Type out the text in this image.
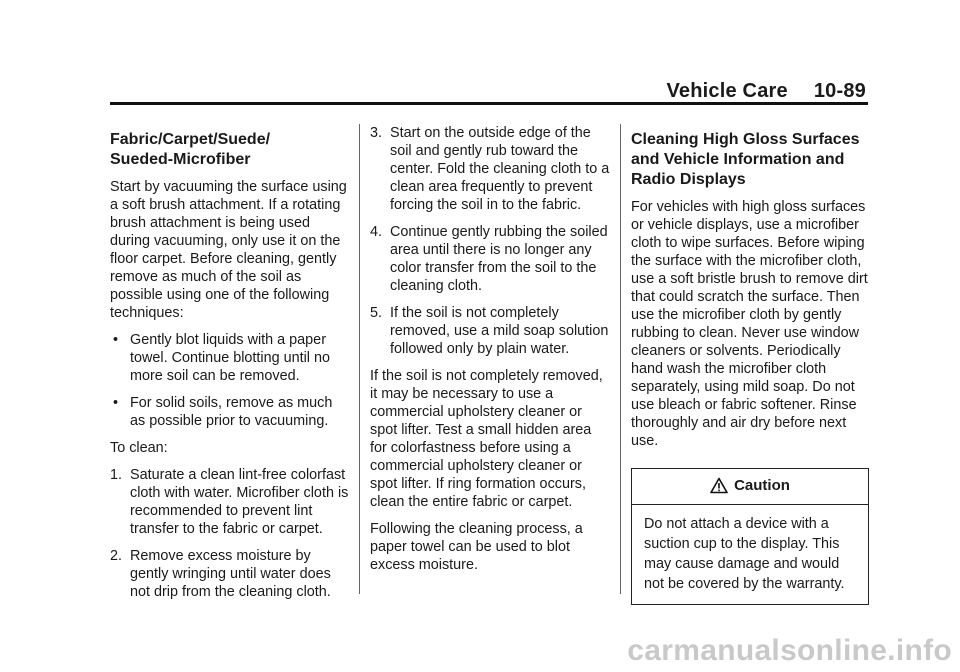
Vehicle Care 10-89
Fabric/Carpet/Suede/
Sueded-Microfiber

Start by vacuuming the surface using a soft brush attachment. If a rotating brush attachment is being used during vacuuming, only use it on the floor carpet. Before cleaning, gently remove as much of the soil as possible using one of the following techniques:

• Gently blot liquids with a paper towel. Continue blotting until no more soil can be removed.
• For solid soils, remove as much as possible prior to vacuuming.

To clean:

1. Saturate a clean lint-free colorfast cloth with water. Microfiber cloth is recommended to prevent lint transfer to the fabric or carpet.
2. Remove excess moisture by gently wringing until water does not drip from the cleaning cloth.
3. Start on the outside edge of the soil and gently rub toward the center. Fold the cleaning cloth to a clean area frequently to prevent forcing the soil in to the fabric.
4. Continue gently rubbing the soiled area until there is no longer any color transfer from the soil to the cleaning cloth.
5. If the soil is not completely removed, use a mild soap solution followed only by plain water.

If the soil is not completely removed, it may be necessary to use a commercial upholstery cleaner or spot lifter. Test a small hidden area for colorfastness before using a commercial upholstery cleaner or spot lifter. If ring formation occurs, clean the entire fabric or carpet.

Following the cleaning process, a paper towel can be used to blot excess moisture.

Cleaning High Gloss Surfaces and Vehicle Information and Radio Displays

For vehicles with high gloss surfaces or vehicle displays, use a microfiber cloth to wipe surfaces. Before wiping the surface with the microfiber cloth, use a soft bristle brush to remove dirt that could scratch the surface. Then use the microfiber cloth by gently rubbing to clean. Never use window cleaners or solvents. Periodically hand wash the microfiber cloth separately, using mild soap. Do not use bleach or fabric softener. Rinse thoroughly and air dry before next use.

Caution
Do not attach a device with a suction cup to the display. This may cause damage and would not be covered by the warranty.
carmanualsonline.info
